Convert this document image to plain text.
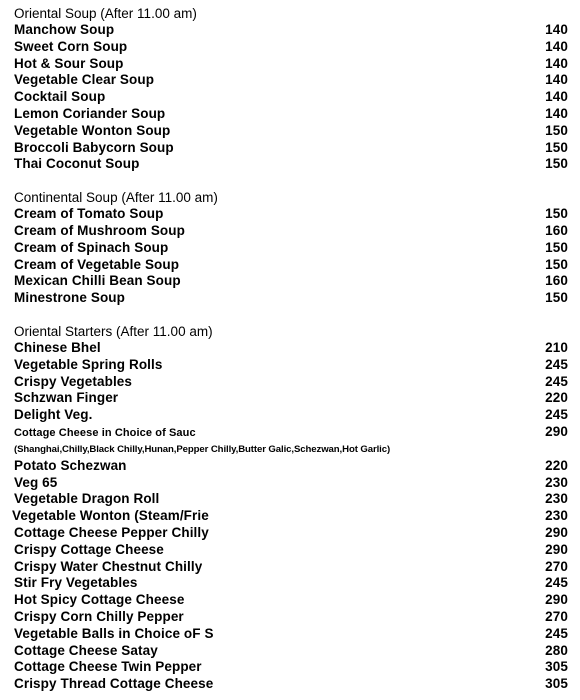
Oriental Soup (After 11.00 am)
Manchow Soup	140
Sweet Corn Soup	140
Hot & Sour Soup	140
Vegetable Clear Soup	140
Cocktail Soup	140
Lemon Coriander Soup	140
Vegetable Wonton Soup	150
Broccoli Babycorn Soup	150
Thai Coconut Soup	150
Continental Soup (After 11.00 am)
Cream of Tomato Soup	150
Cream of Mushroom Soup	160
Cream of Spinach Soup	150
Cream of Vegetable Soup	150
Mexican Chilli Bean Soup	160
Minestrone Soup	150
Oriental Starters (After 11.00 am)
Chinese Bhel	210
Vegetable Spring Rolls	245
Crispy Vegetables	245
Schzwan Finger	220
Delight Veg.	245
Cottage Cheese in Choice of Sauc	290
(Shanghai,Chilly,Black Chilly,Hunan,Pepper Chilly,Butter Galic,Schezwan,Hot Garlic)
Potato Schezwan	220
Veg 65	230
Vegetable Dragon Roll	230
Vegetable Wonton (Steam/Frie	230
Cottage Cheese Pepper Chilly	290
Crispy Cottage Cheese	290
Crispy Water Chestnut Chilly	270
Stir Fry Vegetables	245
Hot Spicy Cottage Cheese	290
Crispy Corn Chilly Pepper	270
Vegetable Balls in Choice oF S	245
Cottage Cheese Satay	280
Cottage Cheese Twin Pepper	305
Crispy Thread Cottage Cheese	305
